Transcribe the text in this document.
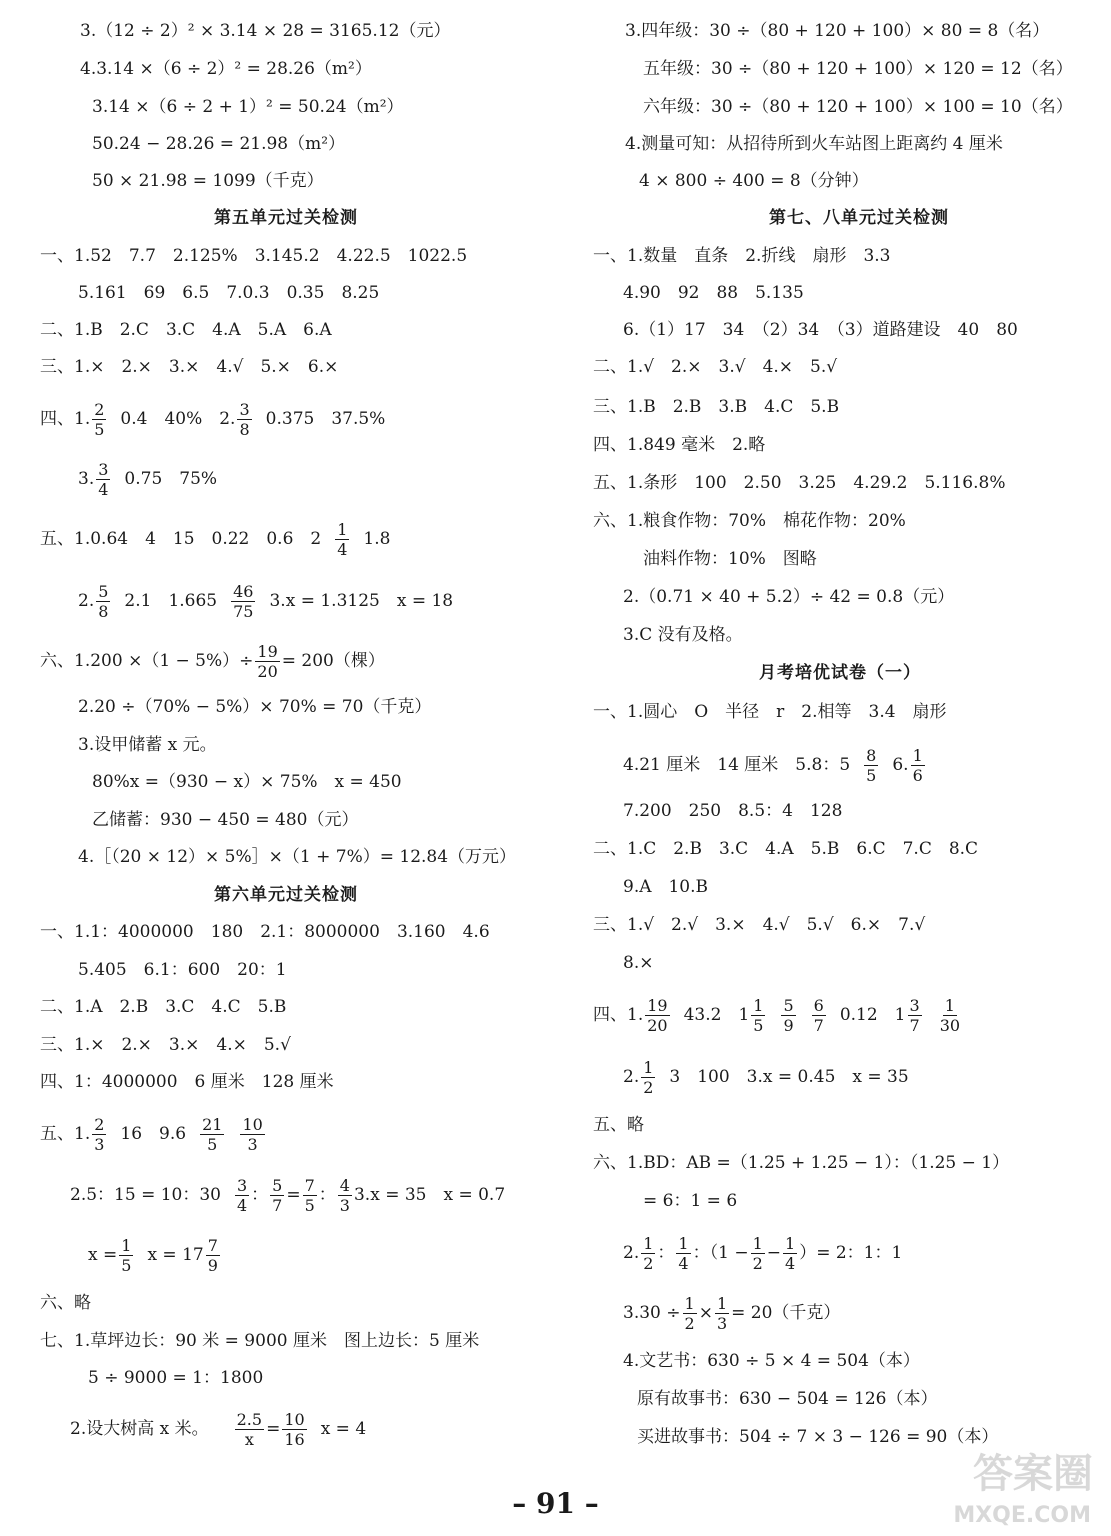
3.（12 ÷ 2）² × 3.14 × 28 = 3165.12（元）
4.3.14 ×（6 ÷ 2）² = 28.26（m²）
3.14 ×（6 ÷ 2 + 1）² = 50.24（m²）
50.24 − 28.26 = 21.98（m²）
50 × 21.98 = 1099（千克）
第五单元过关检测
一、1.52　7.7　2.125%　3.145.2　4.22.5　1022.5
5.161　69　6.5　7.0.3　0.35　8.25
二、1.B　2.C　3.C　4.A　5.A　6.A
三、1.×　2.×　3.×　4.√　5.×　6.×
四、1. $\frac{2}{5} 0.4$　40%　2. $\frac{3}{8} 0.375$　37.5%
3. $\frac{3}{4} 0.75$　75%
五、1.0.64　4　15　0.22　0.6　$2 \frac{1}{4} 1.8$
2. $\frac{5}{8} 2.1$　$1.665 \frac{46}{75} 3.x = 1.3125$　x = 18
六、$1.200 \times(1 - 5\%)\div \frac{19}{20} = 200$（棵）
2.20 ÷（70% − 5%）× 70% = 70（千克）
3.设甲储蓄 x 元。
80%x =（930 − x）× 75%　x = 450
乙储蓄：930 − 450 = 480（元）
4.［（20 × 12）× 5%］×（1 + 7%）= 12.84（万元）
第六单元过关检测
一、1.1：4000000　180　2.1：8000000　3.160　4.6
5.405　6.1：600　20：1
二、1.A　2.B　3.C　4.C　5.B
三、1.×　2.×　3.×　4.×　5.√
四、1：4000000　6 厘米　128 厘米
五、1. $\frac{2}{3} 16$　$9.6 \frac{21}{5} \frac{10}{3}$
2.5：15 = 10：$30 \frac{3}{4}$ ： $\frac{5}{7} = \frac{7}{5}$ ： $\frac{4}{3} 3.x = 35$　x = 0.7
$x = \frac{1}{5}$ $x = 17 \frac{7}{9}$
六、略
七、1.草坪边长：90 米 = 9000 厘米　图上边长：5 厘米
5 ÷ 9000 = 1：1800
2.设大树高 x 米。 $\frac{2.5}{x} = \frac{10}{16}$ x = 4
3.四年级：30 ÷（80 + 120 + 100）× 80 = 8（名）
五年级：30 ÷（80 + 120 + 100）× 120 = 12（名）
六年级：30 ÷（80 + 120 + 100）× 100 = 10（名）
4.测量可知：从招待所到火车站图上距离约 4 厘米
4 × 800 ÷ 400 = 8（分钟）
第七、八单元过关检测
一、1.数量　直条　2.折线　扇形　3.3
4.90　92　88　5.135
6.（1）17　34　（2）34　（3）道路建设　40　80
二、1.√　2.×　3.√　4.×　5.√
三、1.B　2.B　3.B　4.C　5.B
四、1.849 毫米　2.略
五、1.条形　100　2.50　3.25　4.29.2　5.116.8%
六、1.粮食作物：70%　棉花作物：20%
油料作物：10%　图略
2.（0.71 × 40 + 5.2）÷ 42 = 0.8（元）
3.C 没有及格。
月考培优试卷（一）
一、1.圆心　O　半径　r　2.相等　3.4　扇形
4.21 厘米　14 厘米　5.8：$5 \frac{8}{5} 6$. $\frac{1}{6}$
7.200　250　8.5：4　128
二、1.C　2.B　3.C　4.A　5.B　6.C　7.C　8.C
9.A　10.B
三、1.√　2.√　3.×　4.√　5.√　6.×　7.√
8.×
四、1. $\frac{19}{20} 43.2$　$1 \frac{1}{5} \frac{5}{9} \frac{6}{7} 0.12$　$1 \frac{3}{7} \frac{1}{30}$
2. $\frac{1}{2} 3$　100　3.x = 0.45　x = 35
五、略
六、1.BD：AB =（1.25 + 1.25 − 1）：（1.25 − 1）
= 6：1 = 6
2. $\frac{1}{2}$ ： $\frac{1}{4}$ ：（$1 - \frac{1}{2} - \frac{1}{4}$ ）= 2：1：1
$3.30 \div \frac{1}{2} \times \frac{1}{3} = 20$（千克）
4.文艺书：630 ÷ 5 × 4 = 504（本）
原有故事书：630 − 504 = 126（本）
买进故事书：504 ÷ 7 × 3 − 126 = 90（本）
– 91 –
答案圈
MXQE.COM
